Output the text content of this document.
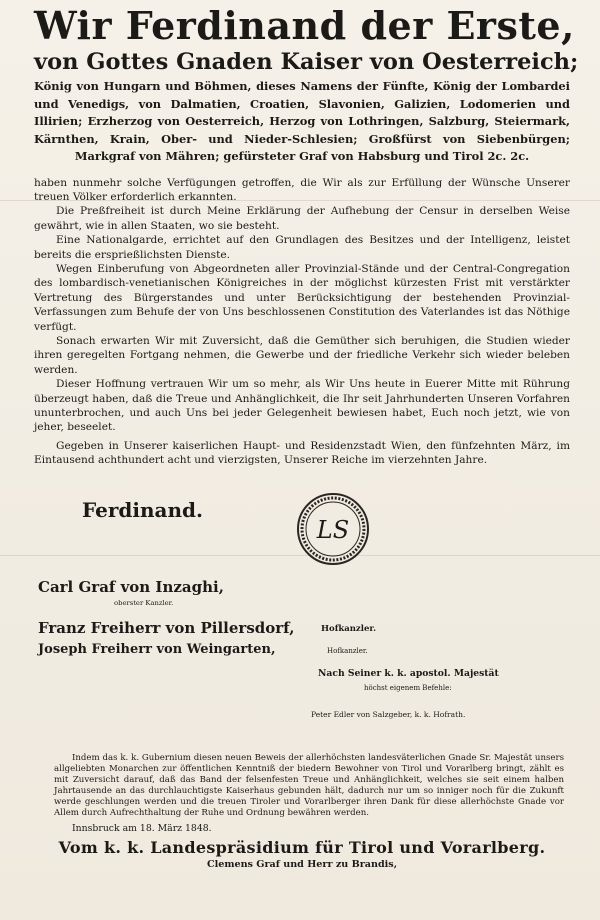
Wir Ferdinand der Erste,
von Gottes Gnaden Kaiser von Oesterreich;

König von Hungarn und Böhmen, dieses Namens der Fünfte, König der Lombardei und Venedigs, von Dalmatien, Croatien, Slavonien, Galizien, Lodomerien und Illirien; Erzherzog von Oesterreich, Herzog von Lothringen, Salzburg, Steiermark, Kärnthen, Krain, Ober- und Nieder-Schlesien; Großfürst von Siebenbürgen; Markgraf von Mähren; gefürsteter Graf von Habsburg und Tirol 2c. 2c.

haben nunmehr solche Verfügungen getroffen, die Wir als zur Erfüllung der Wünsche Unserer treuen Völker erforderlich erkannten.

Die Preßfreiheit ist durch Meine Erklärung der Aufhebung der Censur in derselben Weise gewährt, wie in allen Staaten, wo sie besteht.

Eine Nationalgarde, errichtet auf den Grundlagen des Besitzes und der Intelligenz, leistet bereits die ersprießlichsten Dienste.

Wegen Einberufung von Abgeordneten aller Provinzial-Stände und der Central-Congregation des lombardisch-venetianischen Königreiches in der möglichst kürzesten Frist mit verstärkter Vertretung des Bürgerstandes und unter Berücksichtigung der bestehenden Provinzial-Verfassungen zum Behufe der von Uns beschlossenen Constitution des Vaterlandes ist das Nöthige verfügt.

Sonach erwarten Wir mit Zuversicht, daß die Gemüther sich beruhigen, die Studien wieder ihren geregelten Fortgang nehmen, die Gewerbe und der friedliche Verkehr sich wieder beleben werden.

Dieser Hoffnung vertrauen Wir um so mehr, als Wir Uns heute in Euerer Mitte mit Rührung überzeugt haben, daß die Treue und Anhänglichkeit, die Ihr seit Jahrhunderten Unseren Vorfahren ununterbrochen, und auch Uns bei jeder Gelegenheit bewiesen habet, Euch noch jetzt, wie von jeher, beseelet.

Gegeben in Unserer kaiserlichen Haupt- und Residenzstadt Wien, den fünfzehnten März, im Eintausend achthundert acht und vierzigsten, Unserer Reiche im vierzehnten Jahre.

Ferdinand.
LS
Carl Graf von Inzaghi,
oberster Kanzler.
Franz Freiherr von Pillersdorf,	Hofkanzler.
Joseph Freiherr von Weingarten,	Hofkanzler.
Nach Seiner k. k. apostol. Majestät
höchst eigenem Befehle:
Peter Edler von Salzgeber, k. k. Hofrath.

Indem das k. k. Gubernium diesen neuen Beweis der allerhöchsten landesväterlichen Gnade Sr. Majestät unsers allgeliebten Monarchen zur öffentlichen Kenntniß der biedern Bewohner von Tirol und Vorarlberg bringt, zählt es mit Zuversicht darauf, daß das Band der felsenfesten Treue und Anhänglichkeit, welches sie seit einem halben Jahrtausende an das durchlauchtigste Kaiserhaus gebunden hält, dadurch nur um so inniger noch für die Zukunft werde geschlungen werden und die treuen Tiroler und Vorarlberger ihren Dank für diese allerhöchste Gnade vor Allem durch Aufrechthaltung der Ruhe und Ordnung bewähren werden.

Innsbruck am 18. März 1848.
Vom k. k. Landespräsidium für Tirol und Vorarlberg.
Clemens Graf und Herr zu Brandis,
